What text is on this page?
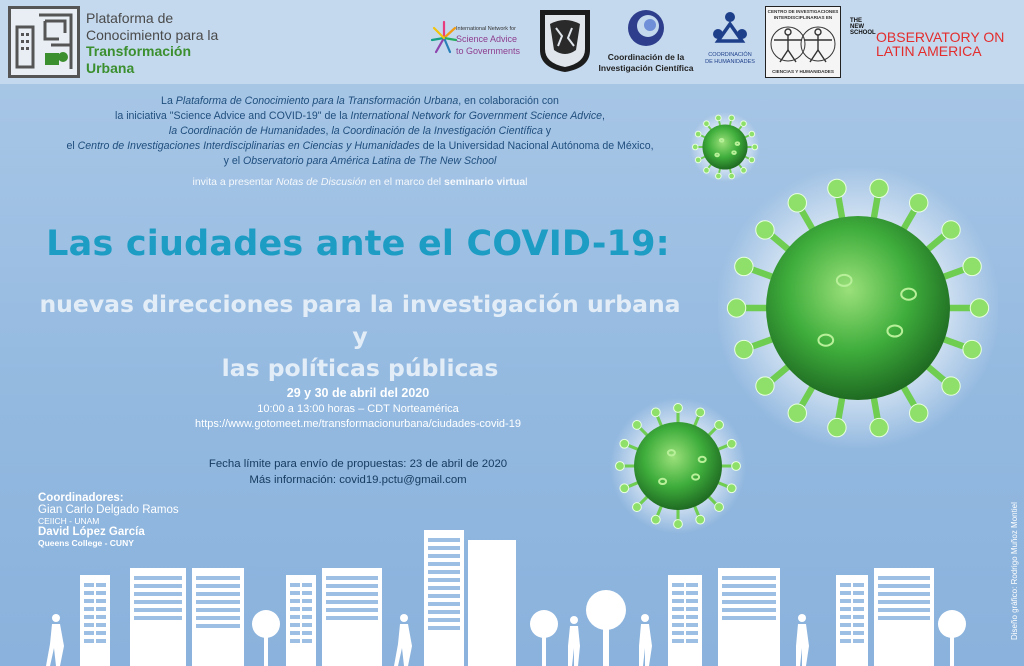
Plataforma de
Conocimiento para la
Transformación
Urbana
International Network for
Science Advice
to Governments
Coordinación de la
Investigación Científica
COORDINACIÓN
DE HUMANIDADES
CENTRO DE INVESTIGACIONES
INTERDISCIPLINARIAS EN
CIENCIAS Y HUMANIDADES
THE
NEW
SCHOOL OBSERVATORY ON
LATIN AMERICA
La Plataforma de Conocimiento para la Transformación Urbana, en colaboración con
la iniciativa "Science Advice and COVID-19" de la International Network for Government Science Advice,
la Coordinación de Humanidades, la Coordinación de la Investigación Científica y
el Centro de Investigaciones Interdisciplinarias en Ciencias y Humanidades de la Universidad Nacional Autónoma de México,
y el Observatorio para América Latina de The New School
invita a presentar Notas de Discusión en el marco del seminario virtual
Las ciudades ante el COVID-19:
nuevas direcciones para la investigación urbana y
las políticas públicas
29 y 30 de abril del 2020
10:00 a 13:00 horas – CDT Norteamérica
https://www.gotomeet.me/transformacionurbana/ciudades-covid-19
Fecha límite para envío de propuestas: 23 de abril de 2020
Más información: covid19.pctu@gmail.com
Coordinadores:
Gian Carlo Delgado Ramos
CEIICH - UNAM
David López García
Queens College - CUNY	Diseño gráfico: Rodrigo Muñoz Montiel
